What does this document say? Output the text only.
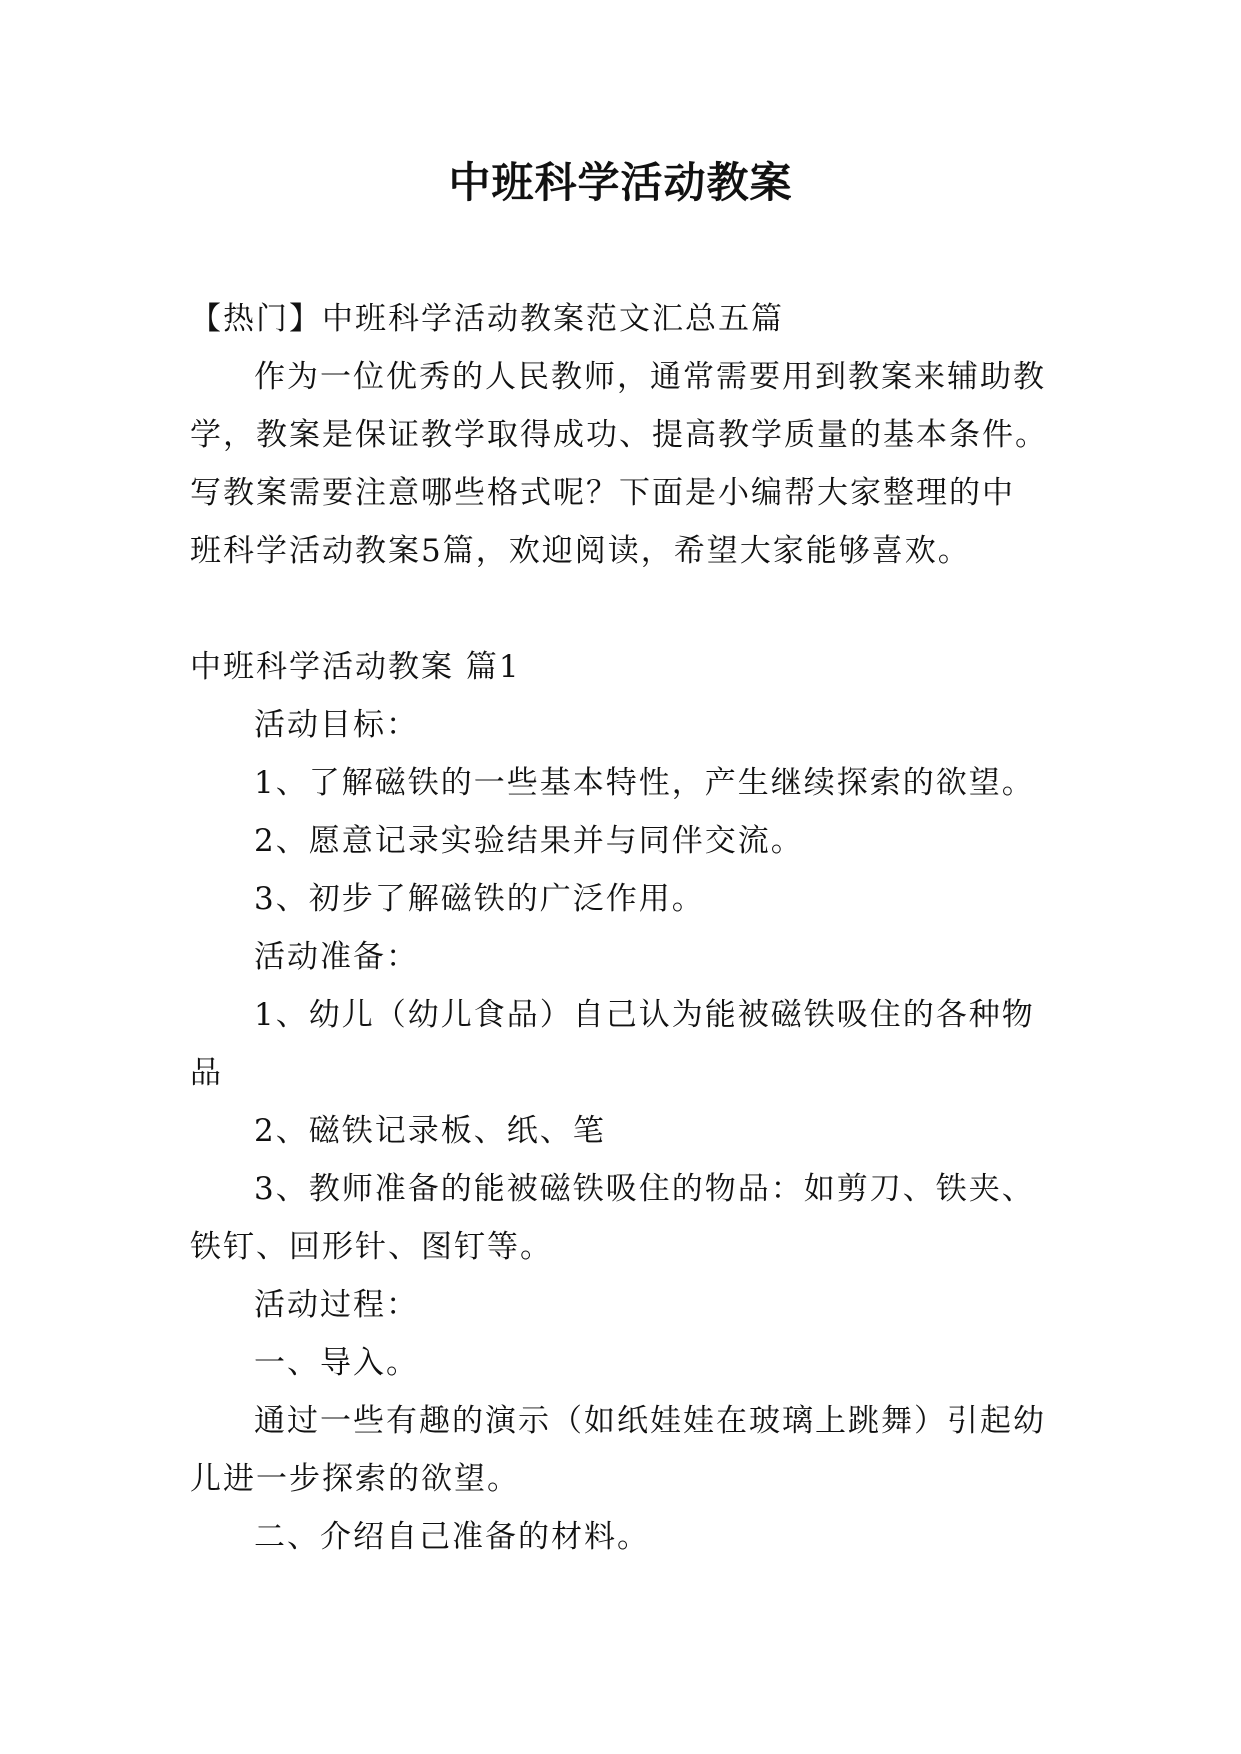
中班科学活动教案
【热门】中班科学活动教案范文汇总五篇
作为一位优秀的人民教师，通常需要用到教案来辅助教
学，教案是保证教学取得成功、提高教学质量的基本条件。
写教案需要注意哪些格式呢？下面是小编帮大家整理的中
班科学活动教案5篇，欢迎阅读，希望大家能够喜欢。
中班科学活动教案 篇1
活动目标：
1、了解磁铁的一些基本特性，产生继续探索的欲望。
2、愿意记录实验结果并与同伴交流。
3、初步了解磁铁的广泛作用。
活动准备：
1、幼儿（幼儿食品）自己认为能被磁铁吸住的各种物
品
2、磁铁记录板、纸、笔
3、教师准备的能被磁铁吸住的物品：如剪刀、铁夹、
铁钉、回形针、图钉等。
活动过程：
一、导入。
通过一些有趣的演示（如纸娃娃在玻璃上跳舞）引起幼
儿进一步探索的欲望。
二、介绍自己准备的材料。
